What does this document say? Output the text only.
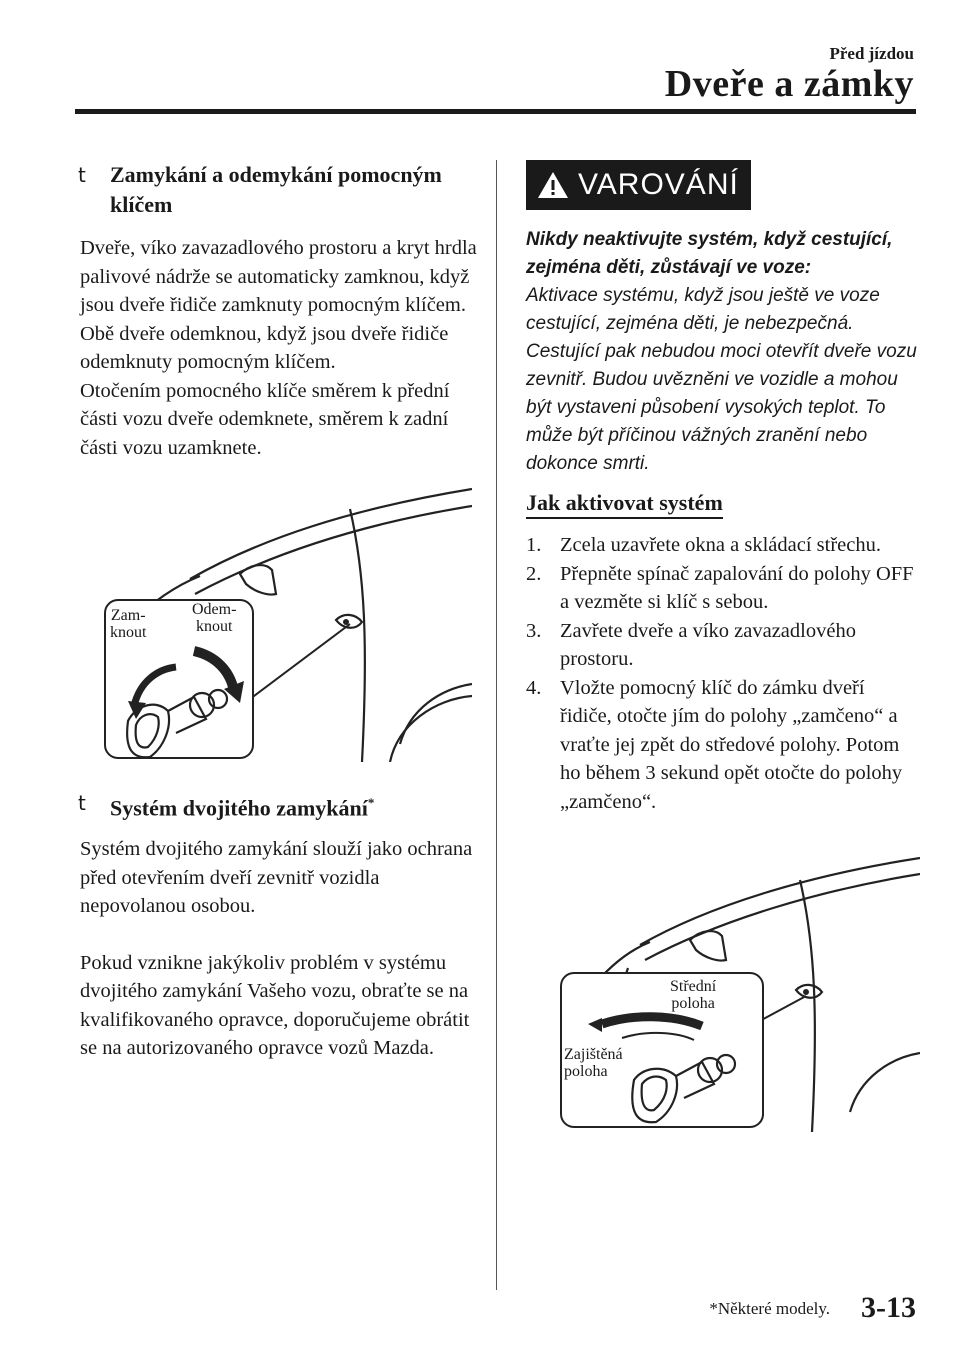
Před jízdou
Dveře a zámky
t	Zamykání a odemykání pomocným klíčem

Dveře, víko zavazadlového prostoru a kryt hrdla palivové nádrže se automaticky zamknou, když jsou dveře řidiče zamknuty pomocným klíčem. Obě dveře odemknou, když jsou dveře řidiče odemknuty pomocným klíčem.

Otočením pomocného klíče směrem k přední části vozu dveře odemknete, směrem k zadní části vozu uzamknete.

Zam-
knout
Odem-
knout
t	Systém dvojitého zamykání*

Systém dvojitého zamykání slouží jako ochrana před otevřením dveří zevnitř vozidla nepovolanou osobou.

Pokud vznikne jakýkoliv problém v systému dvojitého zamykání Vašeho vozu, obraťte se na kvalifikovaného opravce, doporučujeme obrátit se na autorizovaného opravce vozů Mazda.

VAROVÁNÍ
Nikdy neaktivujte systém, když cestující, zejména děti, zůstávají ve voze:
Aktivace systému, když jsou ještě ve voze cestující, zejména děti, je nebezpečná. Cestující pak nebudou moci otevřít dveře vozu zevnitř. Budou uvězněni ve vozidle a mohou být vystaveni působení vysokých teplot. To může být příčinou vážných zranění nebo dokonce smrti.
Jak aktivovat systém
1. Zcela uzavřete okna a skládací střechu.
2. Přepněte spínač zapalování do polohy OFF a vezměte si klíč s sebou.
3. Zavřete dveře a víko zavazadlového prostoru.
4. Vložte pomocný klíč do zámku dveří řidiče, otočte jím do polohy „zamčeno“ a vraťte jej zpět do středové polohy. Potom ho během 3 sekund opět otočte do polohy „zamčeno“.
Střední
poloha
Zajištěná
poloha
*Některé modely. 3-13
